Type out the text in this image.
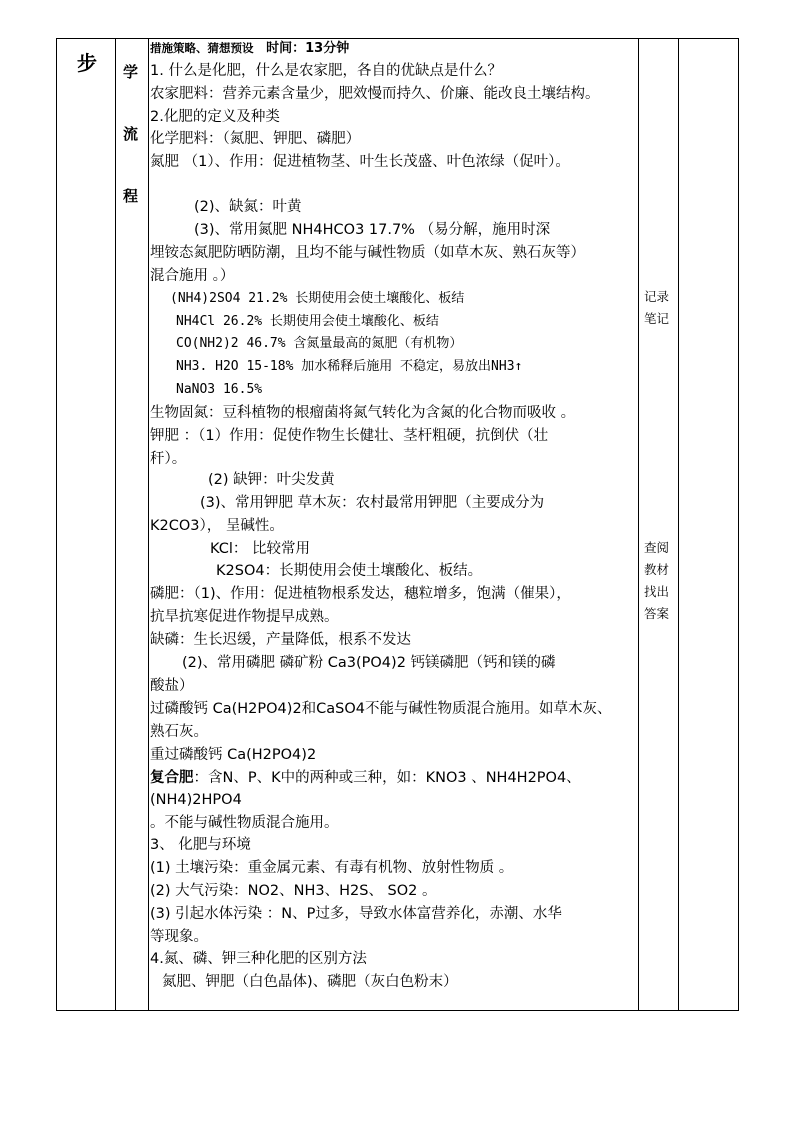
步 学
流
程
措施策略、猜想预设 时间：13分钟
1. 什么是化肥，什么是农家肥，各自的优缺点是什么？
农家肥料：营养元素含量少，肥效慢而持久、价廉、能改良土壤结构。
2.化肥的定义及种类
化学肥料：（氮肥、钾肥、磷肥）
氮肥 （1）、作用：促进植物茎、叶生长茂盛、叶色浓绿（促叶）。
(2)、缺氮：叶黄
(3)、常用氮肥 NH4HCO3 17.7% （易分解，施用时深
埋铵态氮肥防晒防潮，且均不能与碱性物质（如草木灰、熟石灰等）
混合施用 。）
(NH4)2SO4 21.2% 长期使用会使土壤酸化、板结
NH4Cl 26.2% 长期使用会使土壤酸化、板结
CO(NH2)2 46.7% 含氮量最高的氮肥（有机物）
NH3. H2O 15-18% 加水稀释后施用 不稳定，易放出NH3↑
NaNO3 16.5%
生物固氮：豆科植物的根瘤菌将氮气转化为含氮的化合物而吸收 。
钾肥 ：（1）作用：促使作物生长健壮、茎杆粗硬，抗倒伏（壮
秆）。
(2) 缺钾：叶尖发黄
(3)、常用钾肥 草木灰：农村最常用钾肥（主要成分为
K2CO3）， 呈碱性。
KCl： 比较常用
K2SO4：长期使用会使土壤酸化、板结。
磷肥：（1)、作用：促进植物根系发达，穗粒增多，饱满（催果），
抗旱抗寒促进作物提早成熟。
缺磷：生长迟缓，产量降低，根系不发达
(2)、常用磷肥 磷矿粉 Ca3(PO4)2 钙镁磷肥（钙和镁的磷
酸盐）
过磷酸钙 Ca(H2PO4)2和CaSO4不能与碱性物质混合施用。如草木灰、
熟石灰。
重过磷酸钙 Ca(H2PO4)2
复合肥：含N、P、K中的两种或三种，如：KNO3 、NH4H2PO4、
(NH4)2HPO4
。不能与碱性物质混合施用。
3、 化肥与环境
(1) 土壤污染：重金属元素、有毒有机物、放射性物质 。
(2) 大气污染：NO2、NH3、H2S、 SO2 。
(3) 引起水体污染 ：N、P过多，导致水体富营养化，赤潮、水华
等现象。
4.氮、磷、钾三种化肥的区别方法
氮肥、钾肥（白色晶体)、磷肥（灰白色粉末）
记录
笔记
查阅
教材
找出
答案
